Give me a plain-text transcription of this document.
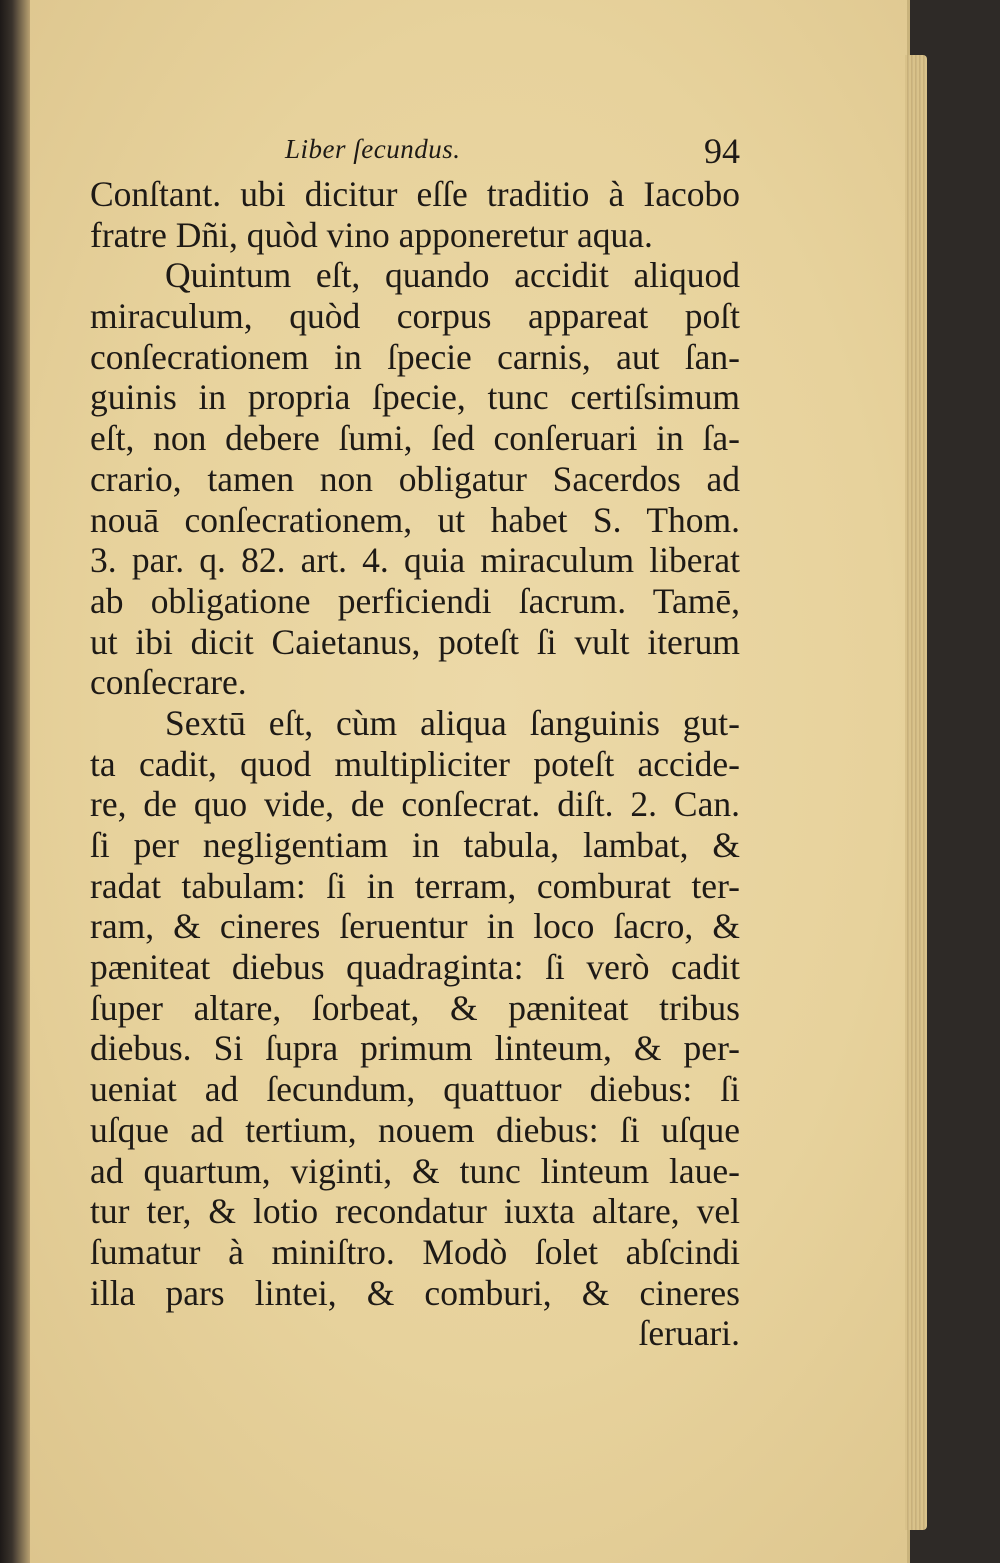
Liber ſecundus.	94
Conſtant. ubi dicitur eſſe traditio à Iacobo
fratre Dñi, quòd vino apponeretur aqua.
Quintum eſt, quando accidit aliquod
miraculum, quòd corpus appareat poſt
conſecrationem in ſpecie carnis, aut ſan-
guinis in propria ſpecie, tunc certiſsimum
eſt, non debere ſumi, ſed conſeruari in ſa-
crario, tamen non obligatur Sacerdos ad
nouā conſecrationem, ut habet S. Thom.
3. par. q. 82. art. 4. quia miraculum liberat
ab obligatione perficiendi ſacrum. Tamē,
ut ibi dicit Caietanus, poteſt ſi vult iterum
conſecrare.
Sextū eſt, cùm aliqua ſanguinis gut-
ta cadit, quod multipliciter poteſt accide-
re, de quo vide, de conſecrat. diſt. 2. Can.
ſi per negligentiam in tabula, lambat, &
radat tabulam: ſi in terram, comburat ter-
ram, & cineres ſeruentur in loco ſacro, &
pæniteat diebus quadraginta: ſi verò cadit
ſuper altare, ſorbeat, & pæniteat tribus
diebus. Si ſupra primum linteum, & per-
ueniat ad ſecundum, quattuor diebus: ſi
uſque ad tertium, nouem diebus: ſi uſque
ad quartum, viginti, & tunc linteum laue-
tur ter, & lotio recondatur iuxta altare, vel
ſumatur à miniſtro. Modò ſolet abſcindi
illa pars lintei, & comburi, & cineres
ſeruari.
